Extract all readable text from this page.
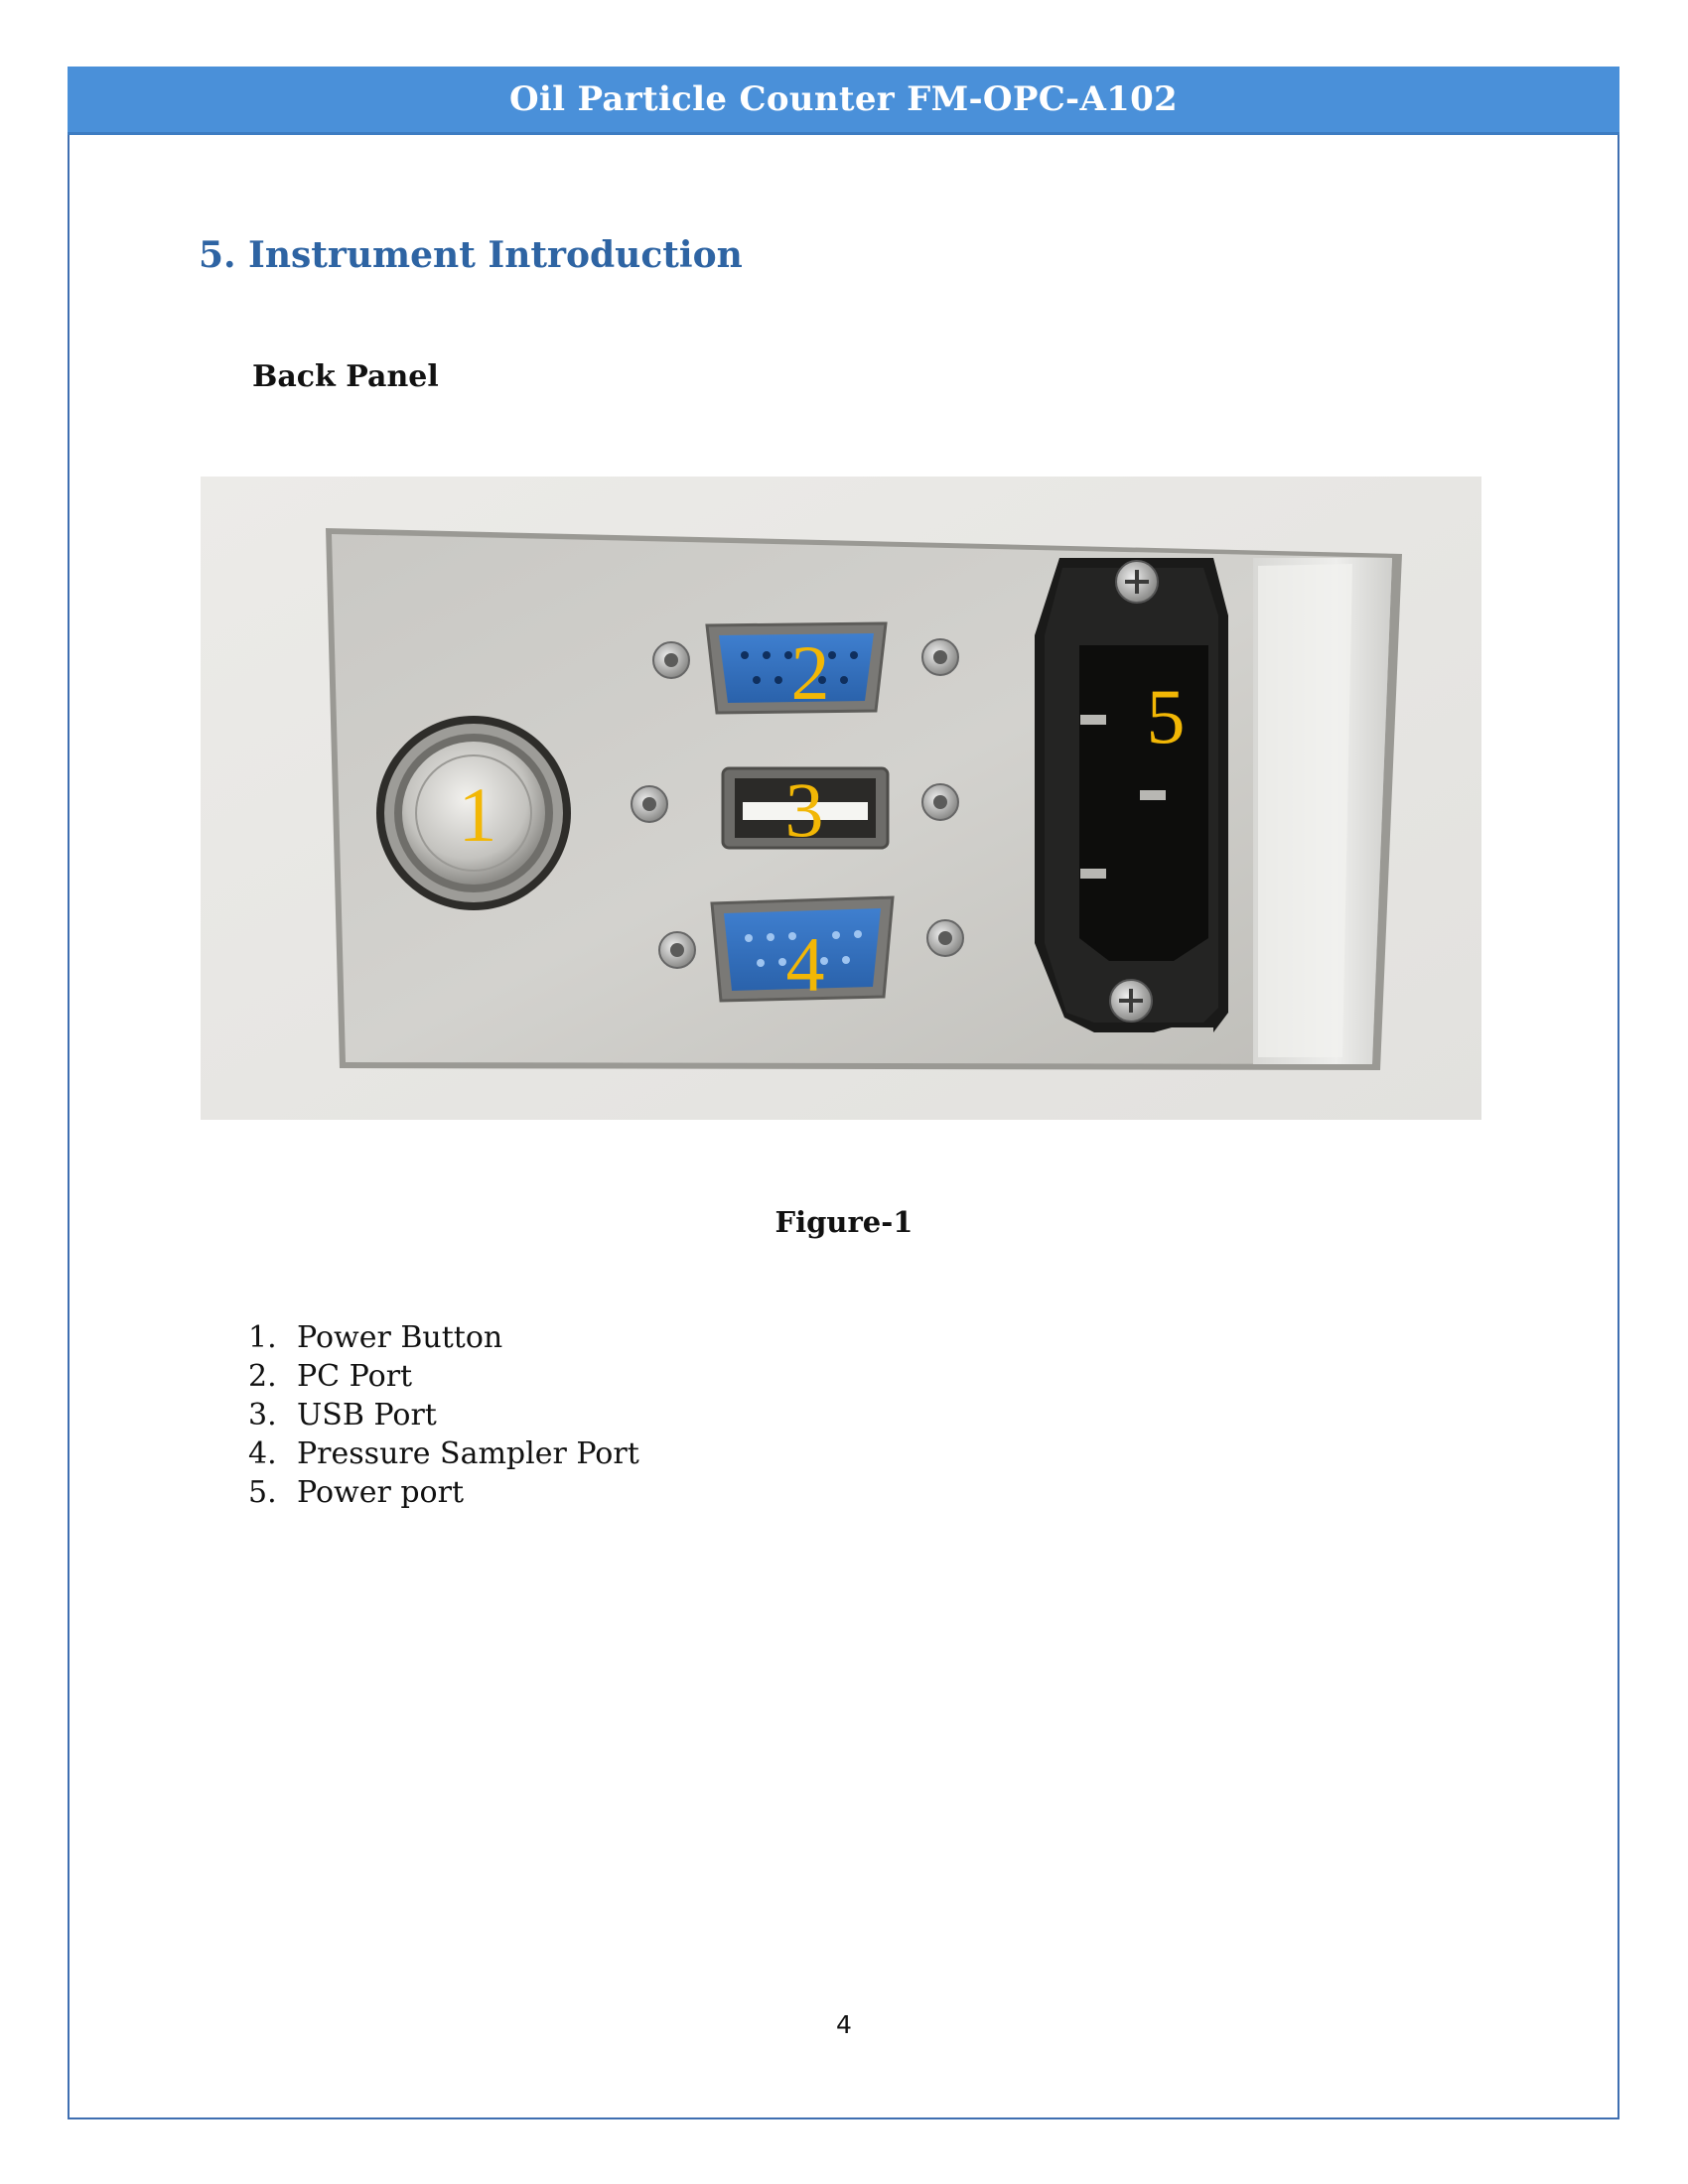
Oil Particle Counter FM-OPC-A102
5. Instrument Introduction
Back Panel
1
2
3
4
5
Figure-1
1. Power Button
2. PC Port
3. USB Port
4. Pressure Sampler Port
5. Power port
4
